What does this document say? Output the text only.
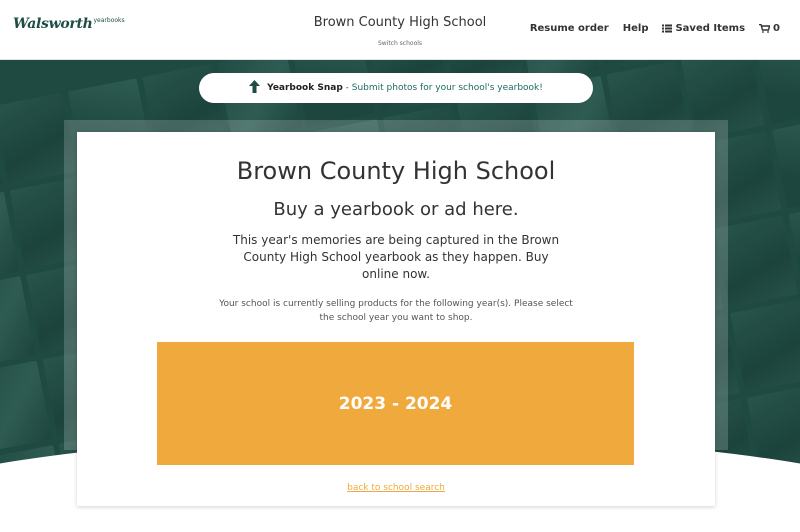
Walsworth yearbooks	Brown County High School
Switch schools
Resume order Help	Saved Items	0
Yearbook Snap - Submit photos for your school's yearbook!
Brown County High School
Buy a yearbook or ad here.
This year's memories are being captured in the Brown County High School yearbook as they happen. Buy online now.
Your school is currently selling products for the following year(s). Please select the school year you want to shop.
2023 - 2024
back to school search
